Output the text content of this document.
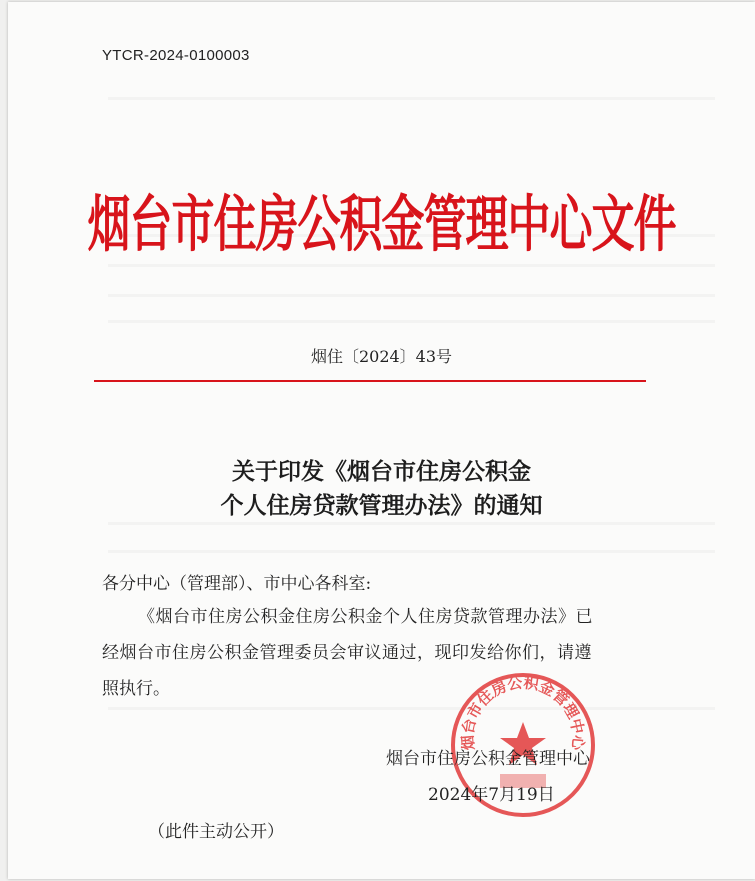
YTCR-2024-0100003
烟台市住房公积金管理中心文件
烟住〔2024〕43号
关于印发《烟台市住房公积金
个人住房贷款管理办法》的通知
各分中心（管理部）、市中心各科室:
《烟台市住房公积金住房公积金个人住房贷款管理办法》已
经烟台市住房公积金管理委员会审议通过，现印发给你们，请遵
照执行。
烟台市住房公积金管理中心
烟台市住房公积金管理中心
2024年7月19日
（此件主动公开）
